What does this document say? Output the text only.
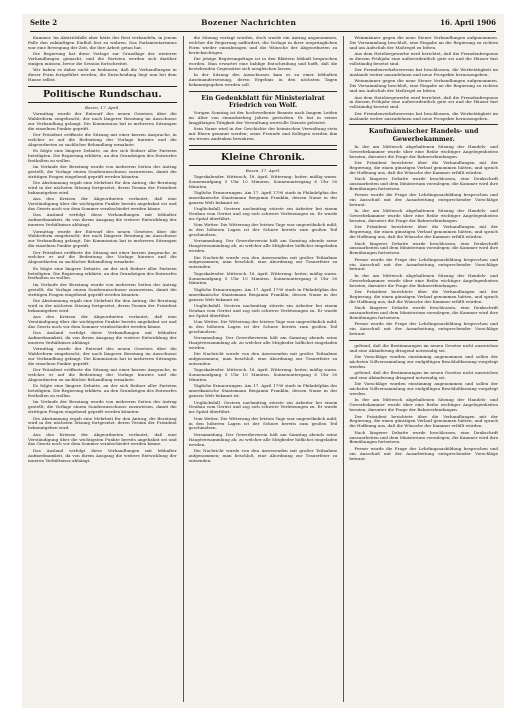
Seite 2	Bozener Nachrichten	16. April 1906

Kammer. Im Abstrichfalle aber hätte der Rest verhandeln, in jenem Falle den zukünftigen Einfluß fest zu wahren. Das Parlamentarismus war eine Bewegung der Zeit, die ihre Arbeit getan hat.

Die Regierung hat diese Vorlage zur Grundlage der weiteren Verhandlungen gemacht, und die Parteien werden sich darüber einigen müssen, bevor die Session fortschreitet.

Wir haben es daher nicht zu bedauern, daß die Verhandlungen in dieser Form fortgeführt werden; die Entscheidung liegt nun bei dem Hause selbst.

Politische Rundschau.
Bozen, 17. April.

Vormittag wurde der Entwurf des neuen Gesetzes über die Wahlreform eingebracht, der nach längerer Beratung im Ausschusse zur Verhandlung gelangt. Die Kommission hat in mehreren Sitzungen die einzelnen Punkte geprüft.

Der Präsident eröffnete die Sitzung mit einer kurzen Ansprache, in welcher er auf die Bedeutung der Vorlage hinwies und die Abgeordneten zu sachlicher Behandlung ermahnte.

Es folgte eine längere Debatte, an der sich Redner aller Parteien beteiligten. Die Regierung erklärte, an den Grundzügen des Entwurfes festhalten zu wollen.

Im Verlaufe der Beratung wurde von mehreren Seiten der Antrag gestellt, die Vorlage einem Sonderausschusse zuzuweisen, damit die strittigen Fragen eingehend geprüft werden könnten.

Die Abstimmung ergab eine Mehrheit für den Antrag; die Beratung wird in der nächsten Sitzung fortgesetzt, deren Termin der Präsident bekanntgeben wird.

Aus den Kreisen der Abgeordneten verlautet, daß eine Verständigung über die wichtigsten Punkte bereits angebahnt sei und das Gesetz noch vor dem Sommer verabschiedet werden könne.

Das Ausland verfolgt diese Verhandlungen mit lebhafter Aufmerksamkeit, da von ihrem Ausgang die weitere Entwicklung der inneren Verhältnisse abhängt.

Vormittag wurde der Entwurf des neuen Gesetzes über die Wahlreform eingebracht, der nach längerer Beratung im Ausschusse zur Verhandlung gelangt. Die Kommission hat in mehreren Sitzungen die einzelnen Punkte geprüft.

Der Präsident eröffnete die Sitzung mit einer kurzen Ansprache, in welcher er auf die Bedeutung der Vorlage hinwies und die Abgeordneten zu sachlicher Behandlung ermahnte.

Es folgte eine längere Debatte, an der sich Redner aller Parteien beteiligten. Die Regierung erklärte, an den Grundzügen des Entwurfes festhalten zu wollen.

Im Verlaufe der Beratung wurde von mehreren Seiten der Antrag gestellt, die Vorlage einem Sonderausschusse zuzuweisen, damit die strittigen Fragen eingehend geprüft werden könnten.

Die Abstimmung ergab eine Mehrheit für den Antrag; die Beratung wird in der nächsten Sitzung fortgesetzt, deren Termin der Präsident bekanntgeben wird.

Aus den Kreisen der Abgeordneten verlautet, daß eine Verständigung über die wichtigsten Punkte bereits angebahnt sei und das Gesetz noch vor dem Sommer verabschiedet werden könne.

Das Ausland verfolgt diese Verhandlungen mit lebhafter Aufmerksamkeit, da von ihrem Ausgang die weitere Entwicklung der inneren Verhältnisse abhängt.

Vormittag wurde der Entwurf des neuen Gesetzes über die Wahlreform eingebracht, der nach längerer Beratung im Ausschusse zur Verhandlung gelangt. Die Kommission hat in mehreren Sitzungen die einzelnen Punkte geprüft.

Der Präsident eröffnete die Sitzung mit einer kurzen Ansprache, in welcher er auf die Bedeutung der Vorlage hinwies und die Abgeordneten zu sachlicher Behandlung ermahnte.

Es folgte eine längere Debatte, an der sich Redner aller Parteien beteiligten. Die Regierung erklärte, an den Grundzügen des Entwurfes festhalten zu wollen.

Im Verlaufe der Beratung wurde von mehreren Seiten der Antrag gestellt, die Vorlage einem Sonderausschusse zuzuweisen, damit die strittigen Fragen eingehend geprüft werden könnten.

Die Abstimmung ergab eine Mehrheit für den Antrag; die Beratung wird in der nächsten Sitzung fortgesetzt, deren Termin der Präsident bekanntgeben wird.

Aus den Kreisen der Abgeordneten verlautet, daß eine Verständigung über die wichtigsten Punkte bereits angebahnt sei und das Gesetz noch vor dem Sommer verabschiedet werden könne.

Das Ausland verfolgt diese Verhandlungen mit lebhafter Aufmerksamkeit, da von ihrem Ausgang die weitere Entwicklung der inneren Verhältnisse abhängt.

die Sitzung vertagt worden, doch wurde ein Antrag angenommen, welcher die Regierung auffordert, die Vorlage in ihrer ursprünglichen Form wieder einzubringen und die Wünsche der Abgeordneten zu berücksichtigen.

Die jetzige Regierungsfrage ist in den Blättern lebhaft besprochen worden. Man erwartet eine baldige Entscheidung und hofft, daß die bestehenden Gegensätze sich ausgleichen lassen.

In der Sitzung des Ausschusses kam es zu einer lebhaften Auseinandersetzung, deren Ergebnis in den nächsten Tagen bekanntgegeben werden soll.

Ein Gedenkblatt für Ministerialrat Friedrich von Wolf.

Vorigen Sonntag ist der hochverdiente Beamte nach langem Leiden im Alter von einundsiebzig Jahren gestorben. Er hat in seiner langjährigen Tätigkeit der Verwaltung wertvolle Dienste geleistet.

Sein Name wird in der Geschichte der heimischen Verwaltung stets mit Ehren genannt werden; seine Freunde und Kollegen werden ihm ein treues Andenken bewahren.

Kleine Chronik.
Bozen, 17. April.

Tageskalender. Mittwoch, 18. April. Witterung: heiter, mäßig warm. Sonnenaufgang 5 Uhr 10 Minuten, Sonnenuntergang 6 Uhr 50 Minuten.

Tägliche Erinnerungen. Am 17. April 1790 starb in Philadelphia der amerikanische Staatsmann Benjamin Franklin, dessen Name in der ganzen Welt bekannt ist.

Unglücksfall. Gestern nachmittag stürzte ein Arbeiter bei einem Neubau vom Gerüst und zog sich schwere Verletzungen zu. Er wurde ins Spital überführt.

Vom Wetter. Die Witterung der letzten Tage war ungewöhnlich mild; in den höheren Lagen ist der Schnee bereits zum großen Teil geschmolzen.

Versammlung. Der Gewerbeverein hält am Samstag abends seine Hauptversammlung ab, zu welcher alle Mitglieder höflichst eingeladen werden.

Die Nachricht wurde von den Anwesenden mit großer Teilnahme aufgenommen; man beschloß, eine Abordnung zur Trauerfeier zu entsenden.

Tageskalender. Mittwoch, 18. April. Witterung: heiter, mäßig warm. Sonnenaufgang 5 Uhr 10 Minuten, Sonnenuntergang 6 Uhr 50 Minuten.

Tägliche Erinnerungen. Am 17. April 1790 starb in Philadelphia der amerikanische Staatsmann Benjamin Franklin, dessen Name in der ganzen Welt bekannt ist.

Unglücksfall. Gestern nachmittag stürzte ein Arbeiter bei einem Neubau vom Gerüst und zog sich schwere Verletzungen zu. Er wurde ins Spital überführt.

Vom Wetter. Die Witterung der letzten Tage war ungewöhnlich mild; in den höheren Lagen ist der Schnee bereits zum großen Teil geschmolzen.

Versammlung. Der Gewerbeverein hält am Samstag abends seine Hauptversammlung ab, zu welcher alle Mitglieder höflichst eingeladen werden.

Die Nachricht wurde von den Anwesenden mit großer Teilnahme aufgenommen; man beschloß, eine Abordnung zur Trauerfeier zu entsenden.

Tageskalender. Mittwoch, 18. April. Witterung: heiter, mäßig warm. Sonnenaufgang 5 Uhr 10 Minuten, Sonnenuntergang 6 Uhr 50 Minuten.

Tägliche Erinnerungen. Am 17. April 1790 starb in Philadelphia der amerikanische Staatsmann Benjamin Franklin, dessen Name in der ganzen Welt bekannt ist.

Unglücksfall. Gestern nachmittag stürzte ein Arbeiter bei einem Neubau vom Gerüst und zog sich schwere Verletzungen zu. Er wurde ins Spital überführt.

Vom Wetter. Die Witterung der letzten Tage war ungewöhnlich mild; in den höheren Lagen ist der Schnee bereits zum großen Teil geschmolzen.

Versammlung. Der Gewerbeverein hält am Samstag abends seine Hauptversammlung ab, zu welcher alle Mitglieder höflichst eingeladen werden.

Die Nachricht wurde von den Anwesenden mit großer Teilnahme aufgenommen; man beschloß, eine Abordnung zur Trauerfeier zu entsenden.

Weinmänner gegen die neue Steuer Verhandlungen aufgenommen. Die Versammlung beschloß, eine Eingabe an die Regierung zu richten und um Aufschub der Maßregel zu bitten.

Aus dem Hoteliergewerbe wird berichtet, daß die Fremdenfrequenz in diesem Frühjahr eine außerordentlich gute sei und die Häuser fast vollständig besetzt sind.

Der Fremdenverkehrsverein hat beschlossen, die Werbetätigkeit im Auslande weiter auszudehnen und neue Prospekte herauszugeben.

Weinmänner gegen die neue Steuer Verhandlungen aufgenommen. Die Versammlung beschloß, eine Eingabe an die Regierung zu richten und um Aufschub der Maßregel zu bitten.

Aus dem Hoteliergewerbe wird berichtet, daß die Fremdenfrequenz in diesem Frühjahr eine außerordentlich gute sei und die Häuser fast vollständig besetzt sind.

Der Fremdenverkehrsverein hat beschlossen, die Werbetätigkeit im Auslande weiter auszudehnen und neue Prospekte herauszugeben.

Kaufmännischer Handels- und Gewerbekammer.

In der am Mittwoch abgehaltenen Sitzung der Handels- und Gewerbekammer wurde über eine Reihe wichtiger Angelegenheiten beraten, darunter die Frage der Bahnverbindungen.

Der Präsident berichtete über die Verhandlungen mit der Regierung, die einen günstigen Verlauf genommen hätten, und sprach die Hoffnung aus, daß die Wünsche der Kammer erfüllt würden.

Nach längerer Debatte wurde beschlossen, eine Denkschrift auszuarbeiten und dem Ministerium vorzulegen; die Kammer wird ihre Bemühungen fortsetzen.

Ferner wurde die Frage der Lehrlingsausbildung besprochen und ein Ausschuß mit der Ausarbeitung entsprechender Vorschläge betraut.

In der am Mittwoch abgehaltenen Sitzung der Handels- und Gewerbekammer wurde über eine Reihe wichtiger Angelegenheiten beraten, darunter die Frage der Bahnverbindungen.

Der Präsident berichtete über die Verhandlungen mit der Regierung, die einen günstigen Verlauf genommen hätten, und sprach die Hoffnung aus, daß die Wünsche der Kammer erfüllt würden.

Nach längerer Debatte wurde beschlossen, eine Denkschrift auszuarbeiten und dem Ministerium vorzulegen; die Kammer wird ihre Bemühungen fortsetzen.

Ferner wurde die Frage der Lehrlingsausbildung besprochen und ein Ausschuß mit der Ausarbeitung entsprechender Vorschläge betraut.

In der am Mittwoch abgehaltenen Sitzung der Handels- und Gewerbekammer wurde über eine Reihe wichtiger Angelegenheiten beraten, darunter die Frage der Bahnverbindungen.

Der Präsident berichtete über die Verhandlungen mit der Regierung, die einen günstigen Verlauf genommen hätten, und sprach die Hoffnung aus, daß die Wünsche der Kammer erfüllt würden.

Nach längerer Debatte wurde beschlossen, eine Denkschrift auszuarbeiten und dem Ministerium vorzulegen; die Kammer wird ihre Bemühungen fortsetzen.

Ferner wurde die Frage der Lehrlingsausbildung besprochen und ein Ausschuß mit der Ausarbeitung entsprechender Vorschläge betraut.

geltend, daß die Bestimmungen im neuen Gesetze nicht ausreichen und eine Abänderung dringend notwendig sei.

Die Vorschläge wurden einstimmig angenommen und sollen der nächsten Vollversammlung zur endgültigen Beschlußfassung vorgelegt werden.

geltend, daß die Bestimmungen im neuen Gesetze nicht ausreichen und eine Abänderung dringend notwendig sei.

Die Vorschläge wurden einstimmig angenommen und sollen der nächsten Vollversammlung zur endgültigen Beschlußfassung vorgelegt werden.

In der am Mittwoch abgehaltenen Sitzung der Handels- und Gewerbekammer wurde über eine Reihe wichtiger Angelegenheiten beraten, darunter die Frage der Bahnverbindungen.

Der Präsident berichtete über die Verhandlungen mit der Regierung, die einen günstigen Verlauf genommen hätten, und sprach die Hoffnung aus, daß die Wünsche der Kammer erfüllt würden.

Nach längerer Debatte wurde beschlossen, eine Denkschrift auszuarbeiten und dem Ministerium vorzulegen; die Kammer wird ihre Bemühungen fortsetzen.

Ferner wurde die Frage der Lehrlingsausbildung besprochen und ein Ausschuß mit der Ausarbeitung entsprechender Vorschläge betraut.
